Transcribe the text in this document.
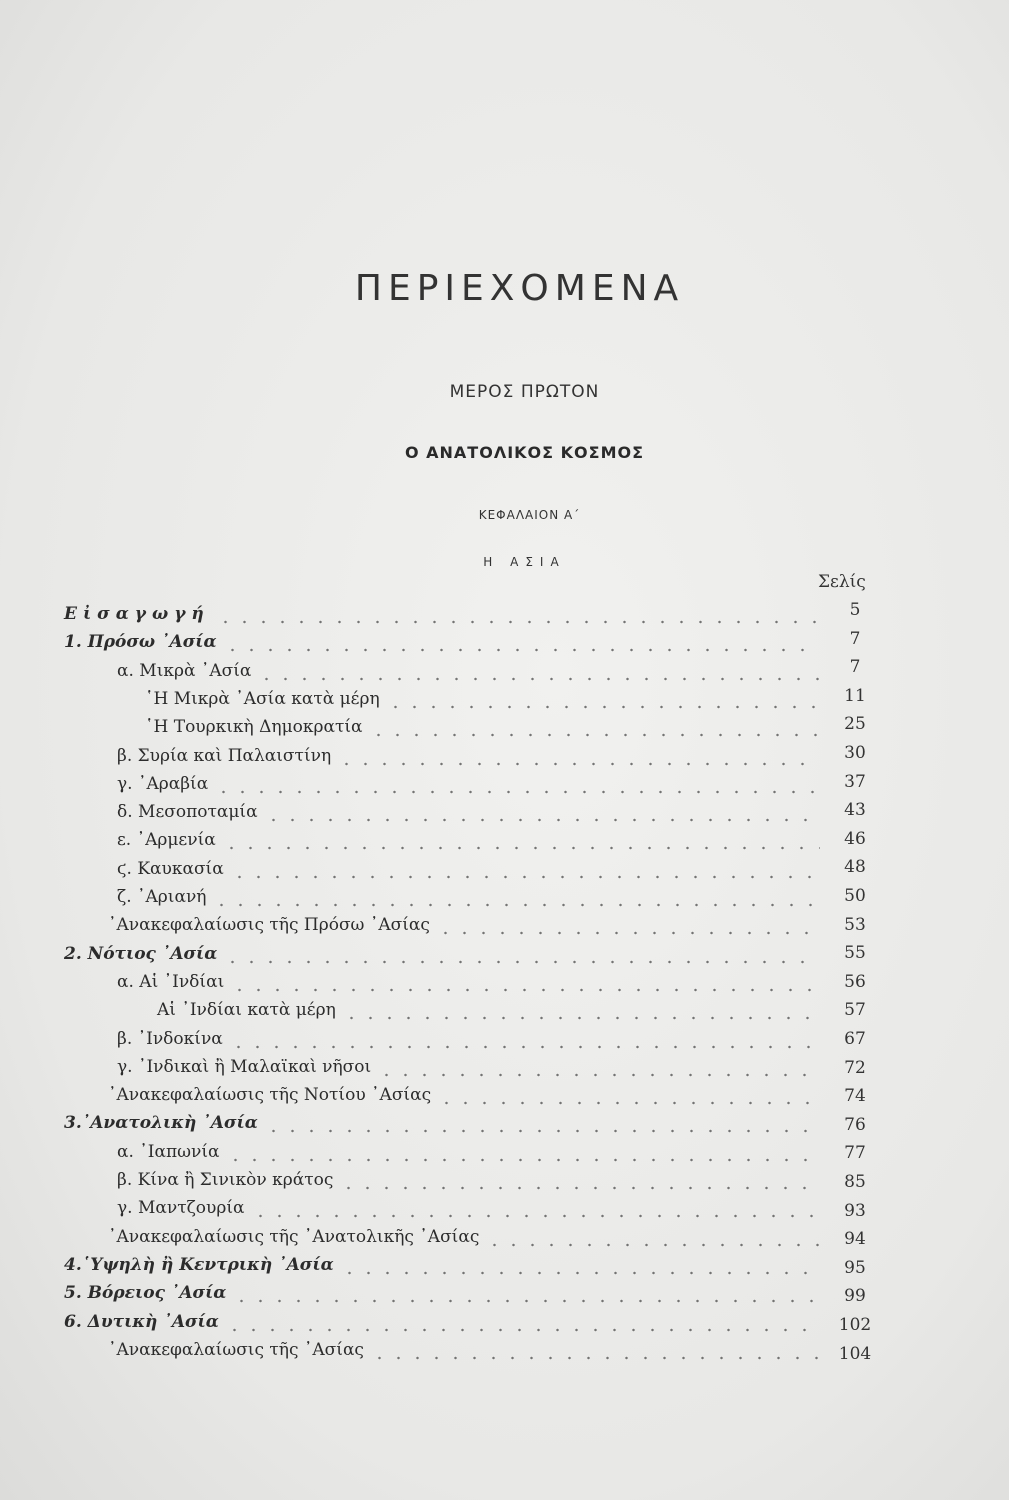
ΠΕΡΙΕΧΟΜΕΝΑ
ΜΕΡΟΣ ΠΡΩΤΟΝ
Ο ΑΝΑΤΟΛΙΚΟΣ ΚΟΣΜΟΣ
ΚΕΦΑΛΑΙΟΝ Α΄
Η ΑΣΙΑ
Σελίς
Εἰσαγωγή
1. Πρόσω ᾿Ασία
α. Μικρὰ ᾿Ασία
῾Η Μικρὰ ᾿Ασία κατὰ μέρη
῾Η Τουρκικὴ Δημοκρατία
β. Συρία καὶ Παλαιστίνη
γ. ᾿Αραβία
δ. Μεσοποταμία
ε. ᾿Αρμενία
ϛ. Καυκασία
ζ. ᾿Αριανή
᾿Ανακεφαλαίωσις τῆς Πρόσω ᾿Ασίας
2. Νότιος ᾿Ασία
α. Αἱ ᾿Ινδίαι
Αἱ ᾿Ινδίαι κατὰ μέρη
β. ᾿Ινδοκίνα
γ. ᾿Ινδικαὶ ἢ Μαλαϊκαὶ νῆσοι
᾿Ανακεφαλαίωσις τῆς Νοτίου ᾿Ασίας
3.᾿Ανατολικὴ ᾿Ασία
α. ᾿Ιαπωνία
β. Κίνα ἢ Σινικὸν κράτος
γ. Μαντζουρία
᾿Ανακεφαλαίωσις τῆς ᾿Ανατολικῆς ᾿Ασίας
4.῾Υψηλὴ ἢ Κεντρικὴ ᾿Ασία
5. Βόρειος ᾿Ασία
6. Δυτικὴ ᾿Ασία
᾿Ανακεφαλαίωσις τῆς ᾿Ασίας
5
7
7
11
25
30
37
43
46
48
50
53
55
56
57
67
72
74
76
77
85
93
94
95
99
102
104
